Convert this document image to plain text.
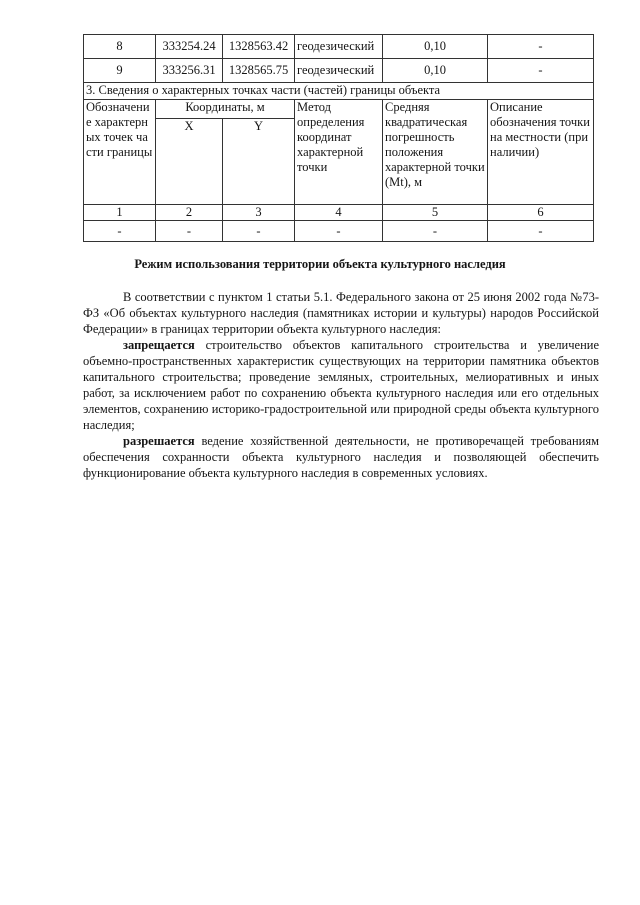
8	333254.24	1328563.42	геодезический	0,10	-
9	333256.31	1328565.75	геодезический	0,10	-
3. Сведения о характерных точках части (частей) границы объекта					
Обозначение характерных точек части границы	Координаты, м		Метод определения координат характерной точки	Средняя квадратическая погрешность положения характерной точки (Mt), м	Описание обозначения точки на местности (при наличии)
	X	Y			
1	2	3	4	5	6
-	-	-	-	-	-
Режим использования территории объекта культурного наследия

В соответствии с пунктом 1 статьи 5.1. Федерального закона от 25 июня 2002 года №73-ФЗ «Об объектах культурного наследия (памятниках истории и культуры) народов Российской Федерации» в границах территории объекта культурного наследия:

запрещается строительство объектов капитального строительства и увеличение объемно-пространственных характеристик существующих на территории памятника объектов капитального строительства; проведение земляных, строительных, мелиоративных и иных работ, за исключением работ по сохранению объекта культурного наследия или его отдельных элементов, сохранению историко-градостроительной или природной среды объекта культурного наследия;

разрешается ведение хозяйственной деятельности, не противоречащей требованиям обеспечения сохранности объекта культурного наследия и позволяющей обеспечить функционирование объекта культурного наследия в современных условиях.
